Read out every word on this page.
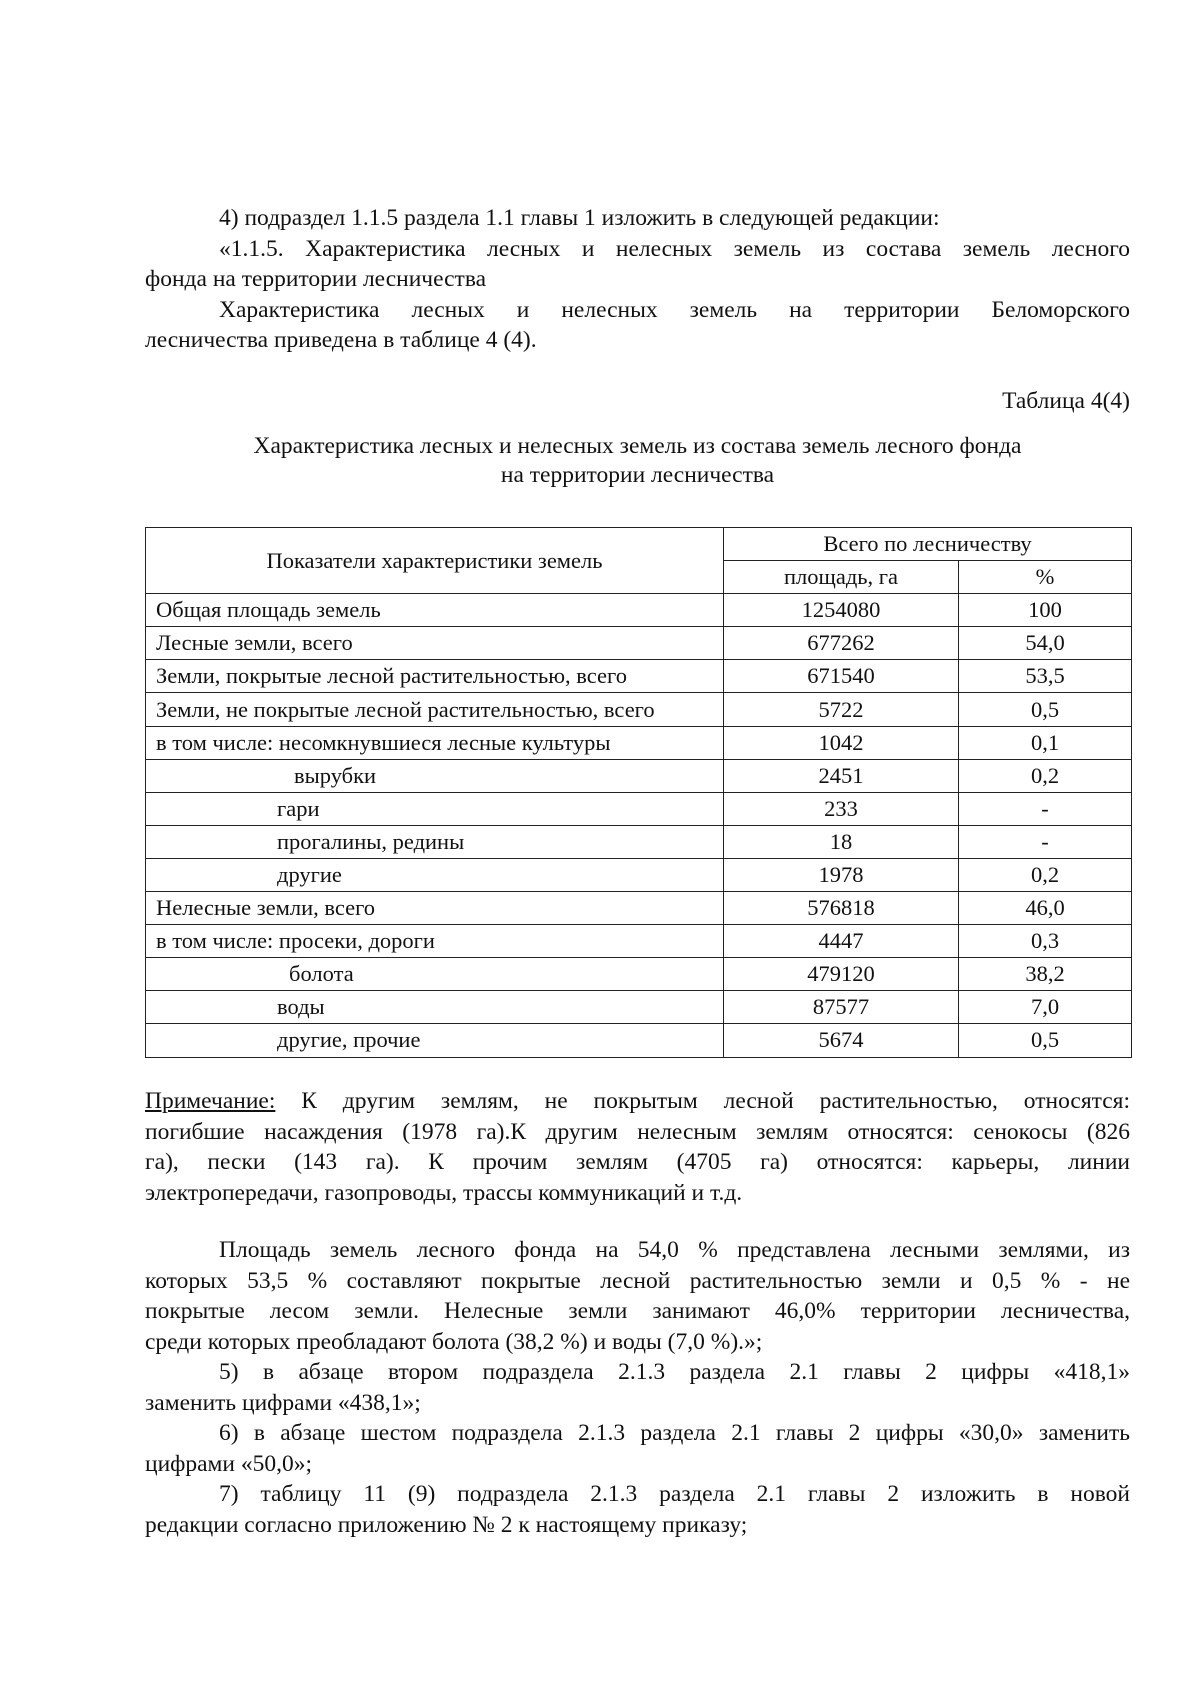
4) подраздел 1.1.5 раздела 1.1 главы 1 изложить в следующей редакции:

«1.1.5. Характеристика лесных и нелесных земель из состава земель лесного

фонда на территории лесничества

Характеристика лесных и нелесных земель на территории Беломорского

лесничества приведена в таблице 4 (4).

Таблица 4(4)

Характеристика лесных и нелесных земель из состава земель лесного фонда

на территории лесничества

Показатели характеристики земель	Всего по лесничеству	
	площадь, га	%
Общая площадь земель	1254080	100
Лесные земли, всего	677262	54,0
Земли, покрытые лесной растительностью, всего	671540	53,5
Земли, не покрытые лесной растительностью, всего	5722	0,5
в том числе: несомкнувшиеся лесные культуры	1042	0,1
вырубки	2451	0,2
гари	233	-
прогалины, редины	18	-
другие	1978	0,2
Нелесные земли, всего	576818	46,0
в том числе: просеки, дороги	4447	0,3
болота	479120	38,2
воды	87577	7,0
другие, прочие	5674	0,5

Примечание: К другим землям, не покрытым лесной растительностью, относятся:

погибшие насаждения (1978 га).К другим нелесным землям относятся: сенокосы (826

га), пески (143 га). К прочим землям (4705 га) относятся: карьеры, линии

электропередачи, газопроводы, трассы коммуникаций и т.д.

Площадь земель лесного фонда на 54,0 % представлена лесными землями, из

которых 53,5 % составляют покрытые лесной растительностью земли и 0,5 % - не

покрытые лесом земли. Нелесные земли занимают 46,0% территории лесничества,

среди которых преобладают болота (38,2 %) и воды (7,0 %).»;

5) в абзаце втором подраздела 2.1.3 раздела 2.1 главы 2 цифры «418,1»

заменить цифрами «438,1»;

6) в абзаце шестом подраздела 2.1.3 раздела 2.1 главы 2 цифры «30,0» заменить

цифрами «50,0»;

7) таблицу 11 (9) подраздела 2.1.3 раздела 2.1 главы 2 изложить в новой

редакции согласно приложению № 2 к настоящему приказу;
